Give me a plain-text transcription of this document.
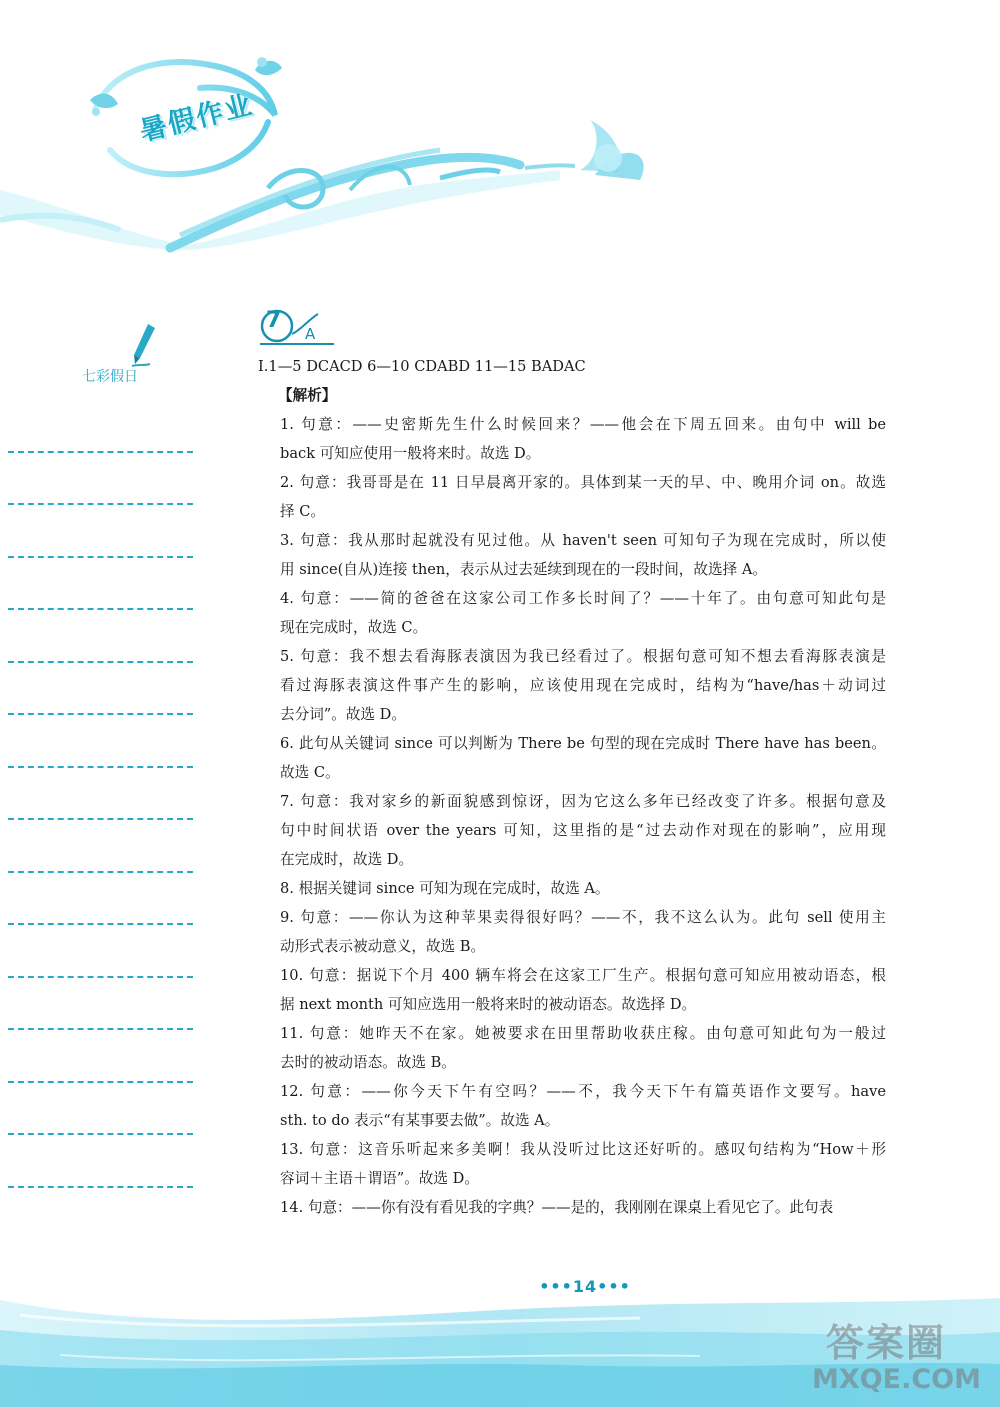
暑假作业
七彩假日
7
A
Ⅰ.1—5 DCACD 6—10 CDABD 11—15 BADAC
【解析】
1. 句意：——史密斯先生什么时候回来？——他会在下周五回来。由句中 will be
back 可知应使用一般将来时。故选 D。
2. 句意：我哥哥是在 11 日早晨离开家的。具体到某一天的早、中、晚用介词 on。故选
择 C。
3. 句意：我从那时起就没有见过他。从 haven't seen 可知句子为现在完成时，所以使
用 since(自从)连接 then，表示从过去延续到现在的一段时间，故选择 A。
4. 句意：——简的爸爸在这家公司工作多长时间了？——十年了。由句意可知此句是
现在完成时，故选 C。
5. 句意：我不想去看海豚表演因为我已经看过了。根据句意可知不想去看海豚表演是
看过海豚表演这件事产生的影响，应该使用现在完成时，结构为“have/has＋动词过
去分词”。故选 D。
6. 此句从关键词 since 可以判断为 There be 句型的现在完成时 There have has been。
故选 C。
7. 句意：我对家乡的新面貌感到惊讶，因为它这么多年已经改变了许多。根据句意及
句中时间状语 over the years 可知，这里指的是“过去动作对现在的影响”，应用现
在完成时，故选 D。
8. 根据关键词 since 可知为现在完成时，故选 A。
9. 句意：——你认为这种苹果卖得很好吗？——不，我不这么认为。此句 sell 使用主
动形式表示被动意义，故选 B。
10. 句意：据说下个月 400 辆车将会在这家工厂生产。根据句意可知应用被动语态，根
据 next month 可知应选用一般将来时的被动语态。故选择 D。
11. 句意：她昨天不在家。她被要求在田里帮助收获庄稼。由句意可知此句为一般过
去时的被动语态。故选 B。
12. 句意：——你今天下午有空吗？——不，我今天下午有篇英语作文要写。have
sth. to do 表示“有某事要去做”。故选 A。
13. 句意：这音乐听起来多美啊！我从没听过比这还好听的。感叹句结构为“How＋形
容词＋主语＋谓语”。故选 D。
14. 句意：——你有没有看见我的字典？——是的，我刚刚在课桌上看见它了。此句表
•••14•••
答案圈
MXQE.COM
